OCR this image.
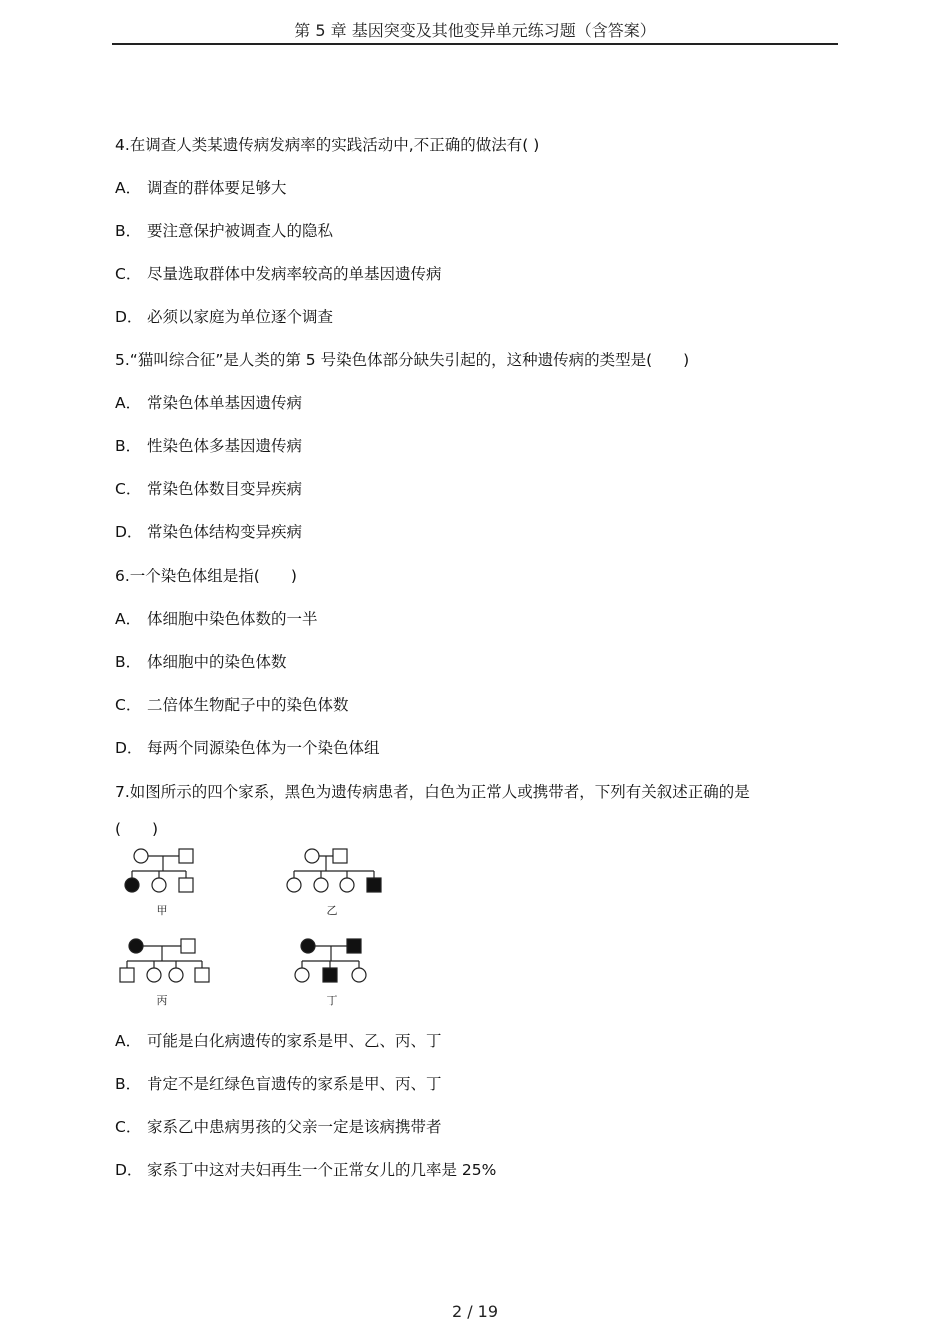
第 5 章 基因突变及其他变异单元练习题（含答案）
4.在调查人类某遗传病发病率的实践活动中,不正确的做法有( )
A． 调查的群体要足够大
B． 要注意保护被调查人的隐私
C． 尽量选取群体中发病率较高的单基因遗传病
D． 必须以家庭为单位逐个调查
5.“猫叫综合征”是人类的第 5 号染色体部分缺失引起的，这种遗传病的类型是(　　)
A． 常染色体单基因遗传病
B． 性染色体多基因遗传病
C． 常染色体数目变异疾病
D． 常染色体结构变异疾病
6.一个染色体组是指(　　)
A． 体细胞中染色体数的一半
B． 体细胞中的染色体数
C． 二倍体生物配子中的染色体数
D． 每两个同源染色体为一个染色体组
7.如图所示的四个家系，黑色为遗传病患者，白色为正常人或携带者，下列有关叙述正确的是
(　　)
甲	乙
丙	丁
A． 可能是白化病遗传的家系是甲、乙、丙、丁
B． 肯定不是红绿色盲遗传的家系是甲、丙、丁
C． 家系乙中患病男孩的父亲一定是该病携带者
D． 家系丁中这对夫妇再生一个正常女儿的几率是 25%
2 / 19
